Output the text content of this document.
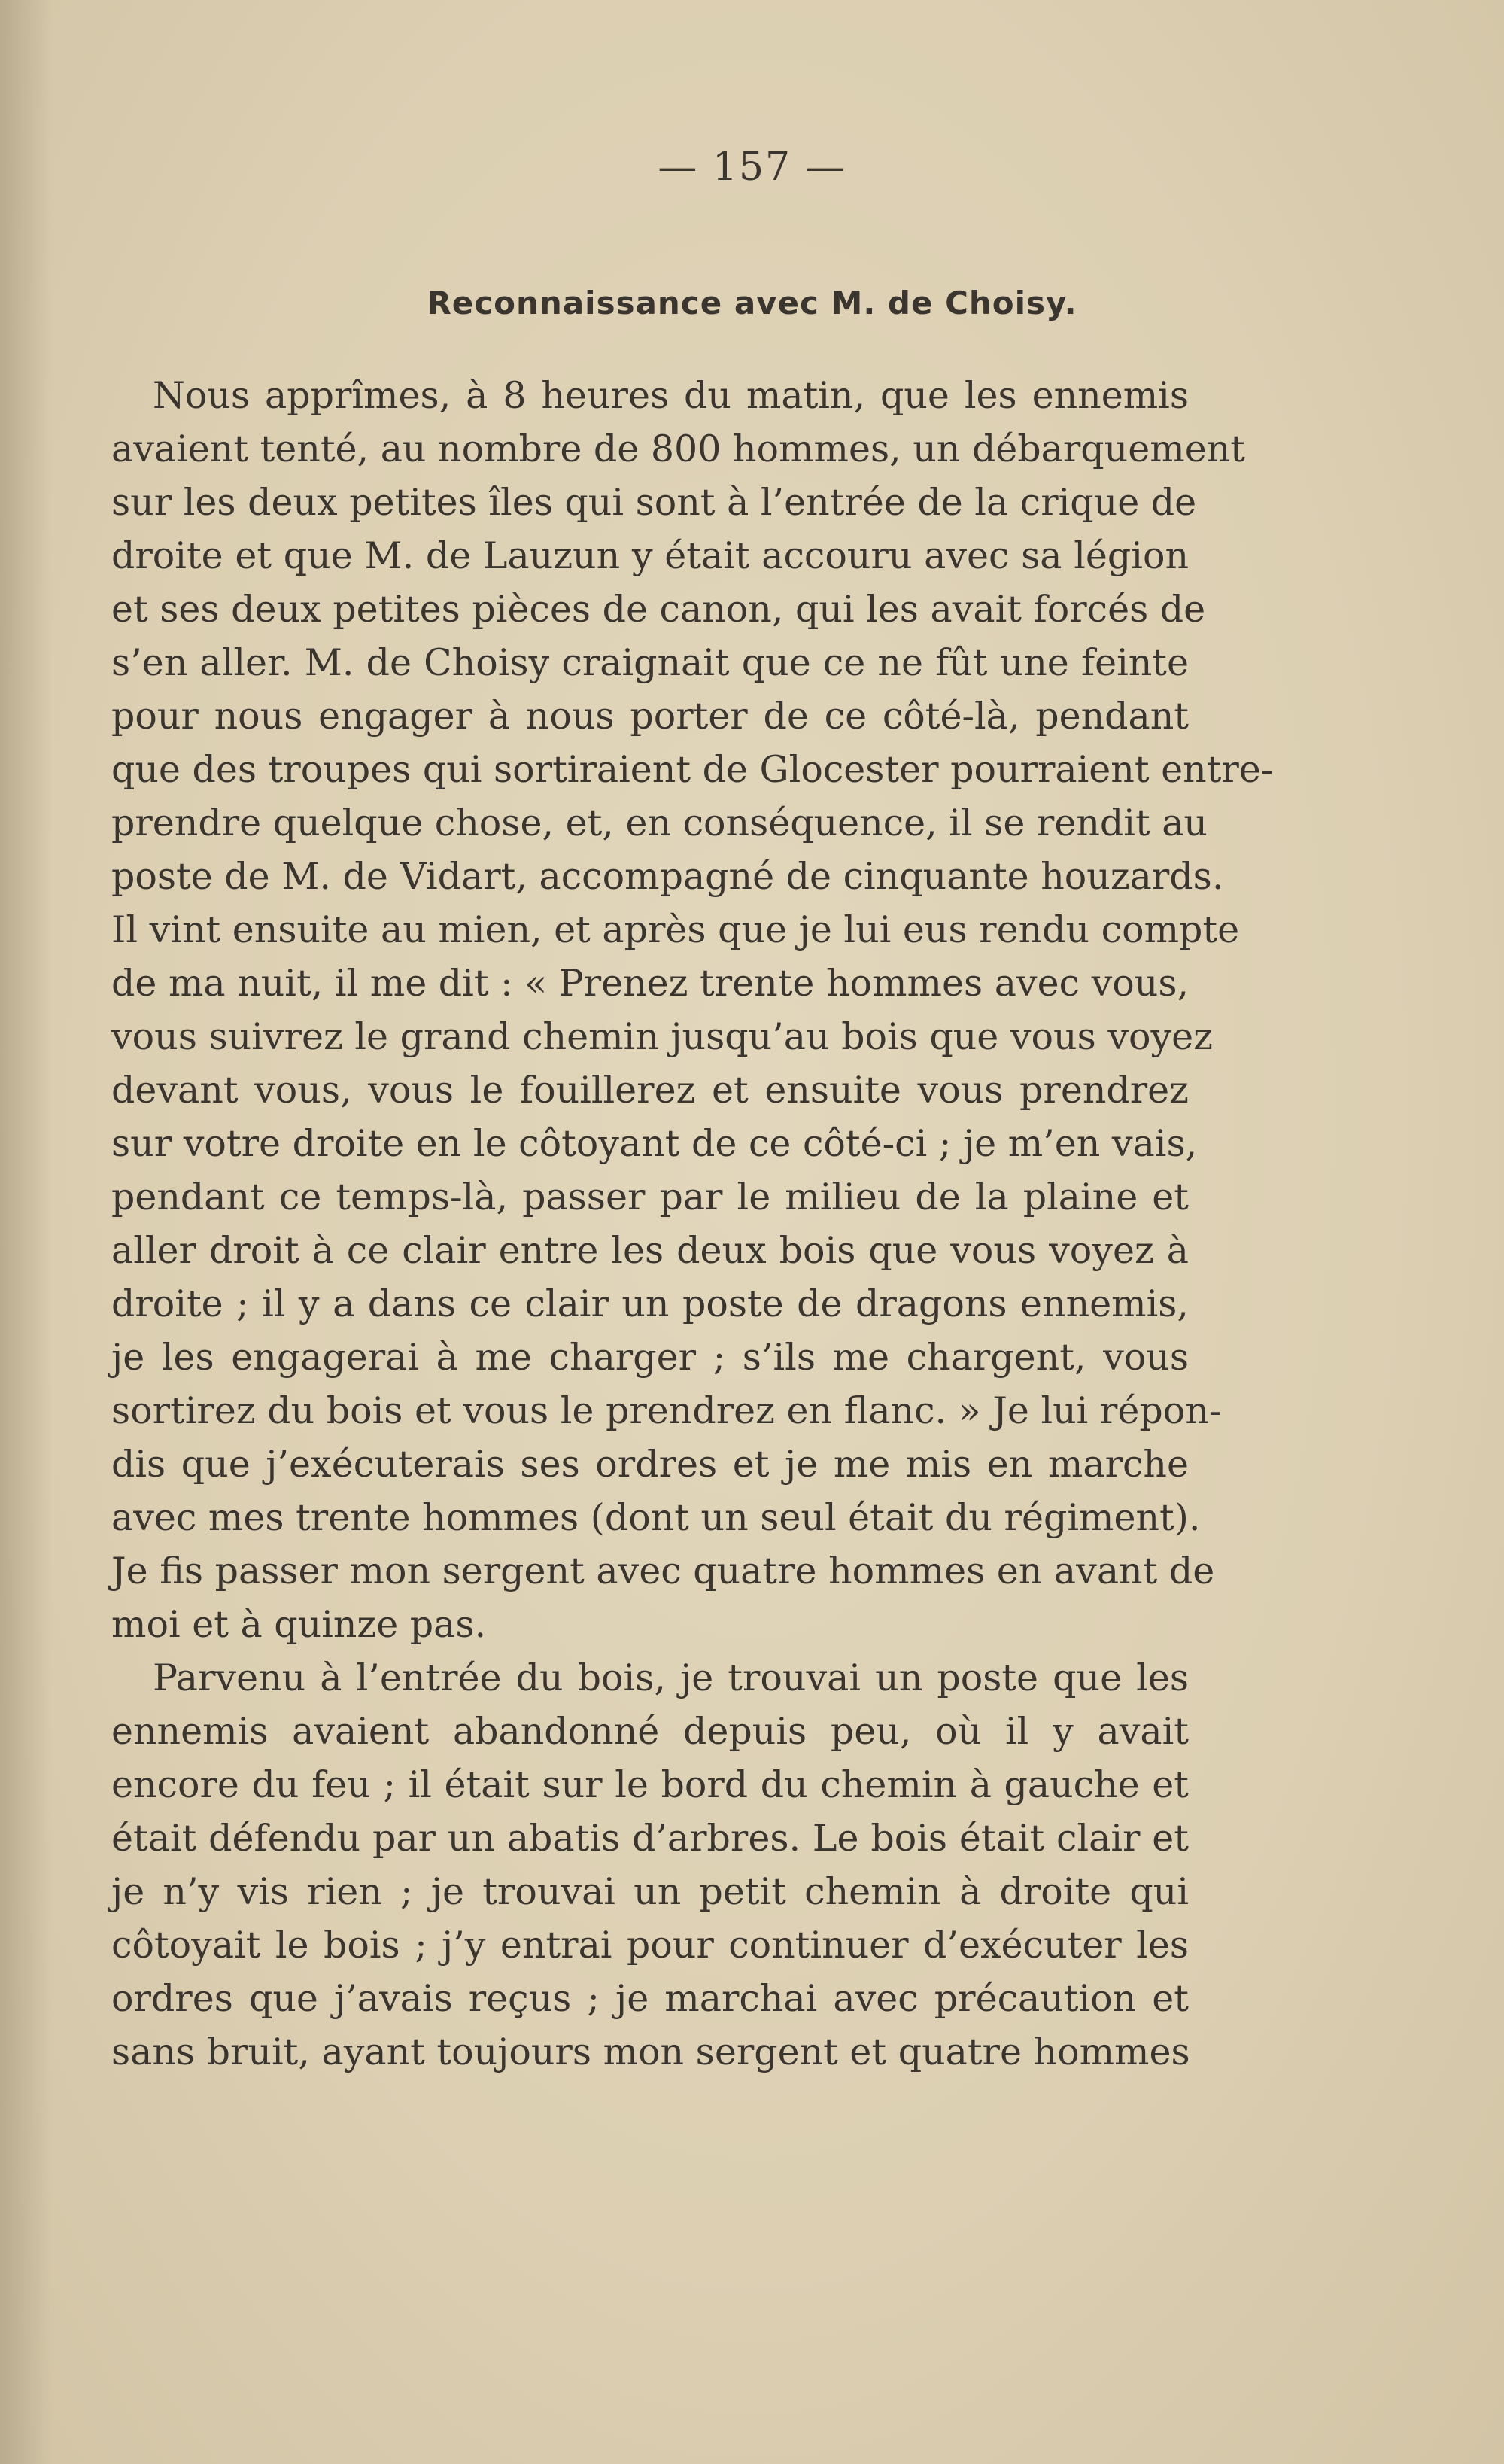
— 157 —
Reconnaissance avec M. de Choisy.
Nous apprîmes, à 8 heures du matin, que les ennemis
avaient tenté, au nombre de 800 hommes, un débarquement
sur les deux petites îles qui sont à l’entrée de la crique de
droite et que M. de Lauzun y était accouru avec sa légion
et ses deux petites pièces de canon, qui les avait forcés de
s’en aller. M. de Choisy craignait que ce ne fût une feinte
pour nous engager à nous porter de ce côté-là, pendant
que des troupes qui sortiraient de Glocester pourraient entre-
prendre quelque chose, et, en conséquence, il se rendit au
poste de M. de Vidart, accompagné de cinquante houzards.
Il vint ensuite au mien, et après que je lui eus rendu compte
de ma nuit, il me dit : « Prenez trente hommes avec vous,
vous suivrez le grand chemin jusqu’au bois que vous voyez
devant vous, vous le fouillerez et ensuite vous prendrez
sur votre droite en le côtoyant de ce côté-ci ; je m’en vais,
pendant ce temps-là, passer par le milieu de la plaine et
aller droit à ce clair entre les deux bois que vous voyez à
droite ; il y a dans ce clair un poste de dragons ennemis,
je les engagerai à me charger ; s’ils me chargent, vous
sortirez du bois et vous le prendrez en flanc. » Je lui répon-
dis que j’exécuterais ses ordres et je me mis en marche
avec mes trente hommes (dont un seul était du régiment).
Je fis passer mon sergent avec quatre hommes en avant de
moi et à quinze pas.
Parvenu à l’entrée du bois, je trouvai un poste que les
ennemis avaient abandonné depuis peu, où il y avait
encore du feu ; il était sur le bord du chemin à gauche et
était défendu par un abatis d’arbres. Le bois était clair et
je n’y vis rien ; je trouvai un petit chemin à droite qui
côtoyait le bois ; j’y entrai pour continuer d’exécuter les
ordres que j’avais reçus ; je marchai avec précaution et
sans bruit, ayant toujours mon sergent et quatre hommes
